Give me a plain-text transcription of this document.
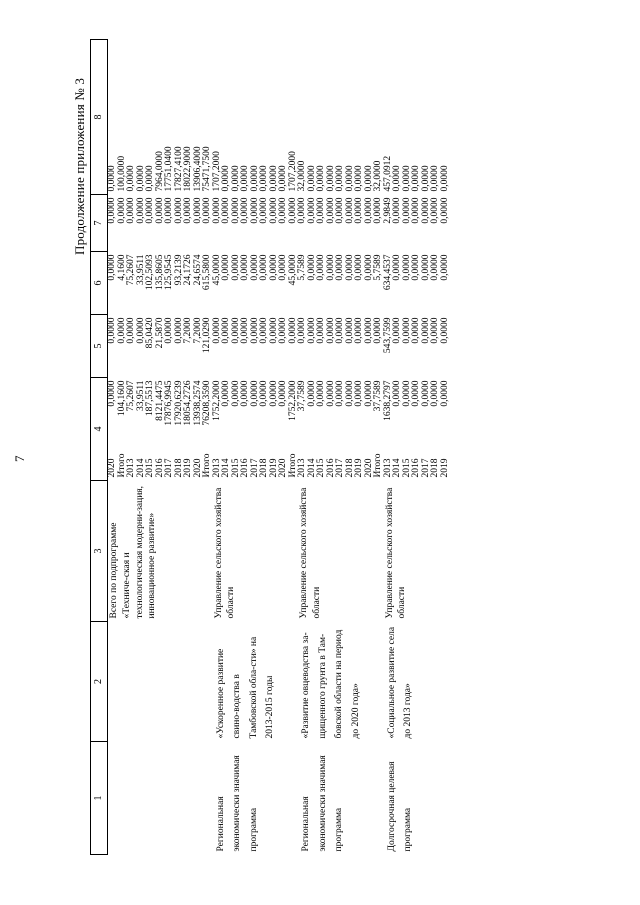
7
Продолжение приложения № 3
1	2	3	4		5	6	7	8
		Всего по подпрограмме «Техниче-ская и технологическая модерни-зация, инновационное развитие»	2020	0,0000	0,0000	0,0000	0,0000	0,0000
			Итого	104,1600	0,0000	4,1600	0,0000	100,0000
			2013	75,2607	0,0000	75,2607	0,0000	0,0000
			2014	33,9511	0,0000	33,9511	0,0000	0,0000
			2015	187,5513	85,0420	102,5093	0,0000	0,0000
			2016	8121,4475	21,5870	135,8605	0,0000	7964,0000
			2017	17876,9945	0,0000	125,9545	0,0000	17751,0400
			2018	17920,6239	0,0000	93,2139	0,0000	17827,4100
			2019	18054,2726	7,2000	24,1726	0,0000	18022,9000
			2020	13938,2574	7,2000	24,6574	0,0000	13906,4000
			Итого	76208,3590	121,0290	615,5800	0,0000	75471,7500
Региональная экономически значимая программа	«Ускоренное развитие свино-водства в Тамбовской обла-сти» на 2013-2015 годы	Управление сельского хозяйства области	2013	1752,2000	0,0000	45,0000	0,0000	1707,2000
			2014	0,0000	0,0000	0,0000	0,0000	0,0000
			2015	0,0000	0,0000	0,0000	0,0000	0,0000
			2016	0,0000	0,0000	0,0000	0,0000	0,0000
			2017	0,0000	0,0000	0,0000	0,0000	0,0000
			2018	0,0000	0,0000	0,0000	0,0000	0,0000
			2019	0,0000	0,0000	0,0000	0,0000	0,0000
			2020	0,0000	0,0000	0,0000	0,0000	0,0000
			Итого	1752,2000	0,0000	45,0000	0,0000	1707,2000
Региональная экономически значимая программа	«Развитие овцеводства за-щищенного грунта в Там-бовской области на период до 2020 года»	Управление сельского хозяйства области	2013	37,7589	0,0000	5,7589	0,0000	32,0000
			2014	0,0000	0,0000	0,0000	0,0000	0,0000
			2015	0,0000	0,0000	0,0000	0,0000	0,0000
			2016	0,0000	0,0000	0,0000	0,0000	0,0000
			2017	0,0000	0,0000	0,0000	0,0000	0,0000
			2018	0,0000	0,0000	0,0000	0,0000	0,0000
			2019	0,0000	0,0000	0,0000	0,0000	0,0000
			2020	0,0000	0,0000	0,0000	0,0000	0,0000
			Итого	37,7589	0,0000	5,7589	0,0000	32,0000
Долгосрочная целевая программа	«Социальное развитие села до 2013 года»	Управление сельского хозяйства области	2013	1638,2797	543,7599	634,4537	2,9849	457,0912
			2014	0,0000	0,0000	0,0000	0,0000	0,0000
			2015	0,0000	0,0000	0,0000	0,0000	0,0000
			2016	0,0000	0,0000	0,0000	0,0000	0,0000
			2017	0,0000	0,0000	0,0000	0,0000	0,0000
			2018	0,0000	0,0000	0,0000	0,0000	0,0000
			2019	0,0000	0,0000	0,0000	0,0000	0,0000
